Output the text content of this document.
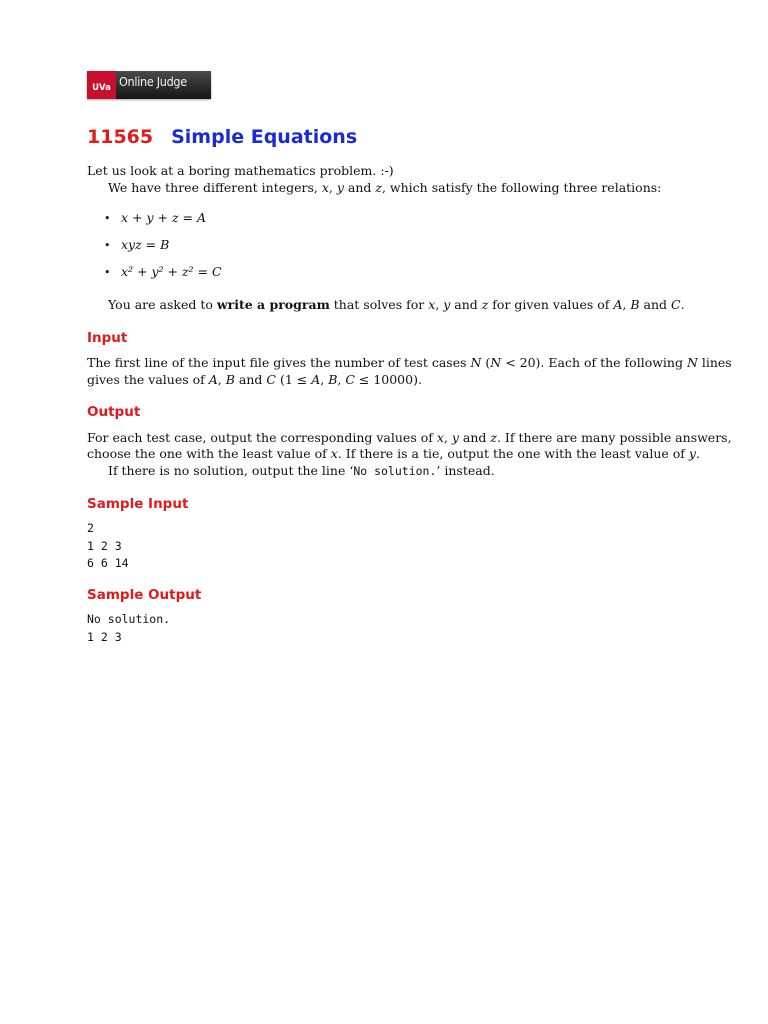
UVa Online Judge
11565 Simple Equations
Let us look at a boring mathematics problem. :-)
We have three different integers, x, y and z, which satisfy the following three relations:
• x + y + z = A
• xyz = B
• x² + y² + z² = C
You are asked to write a program that solves for x, y and z for given values of A, B and C.
Input
The first line of the input file gives the number of test cases N (N < 20). Each of the following N lines
gives the values of A, B and C (1 ≤ A, B, C ≤ 10000).
Output
For each test case, output the corresponding values of x, y and z. If there are many possible answers,
choose the one with the least value of x. If there is a tie, output the one with the least value of y.
If there is no solution, output the line ‘No solution.’ instead.
Sample Input
2
1 2 3
6 6 14
Sample Output
No solution.
1 2 3
